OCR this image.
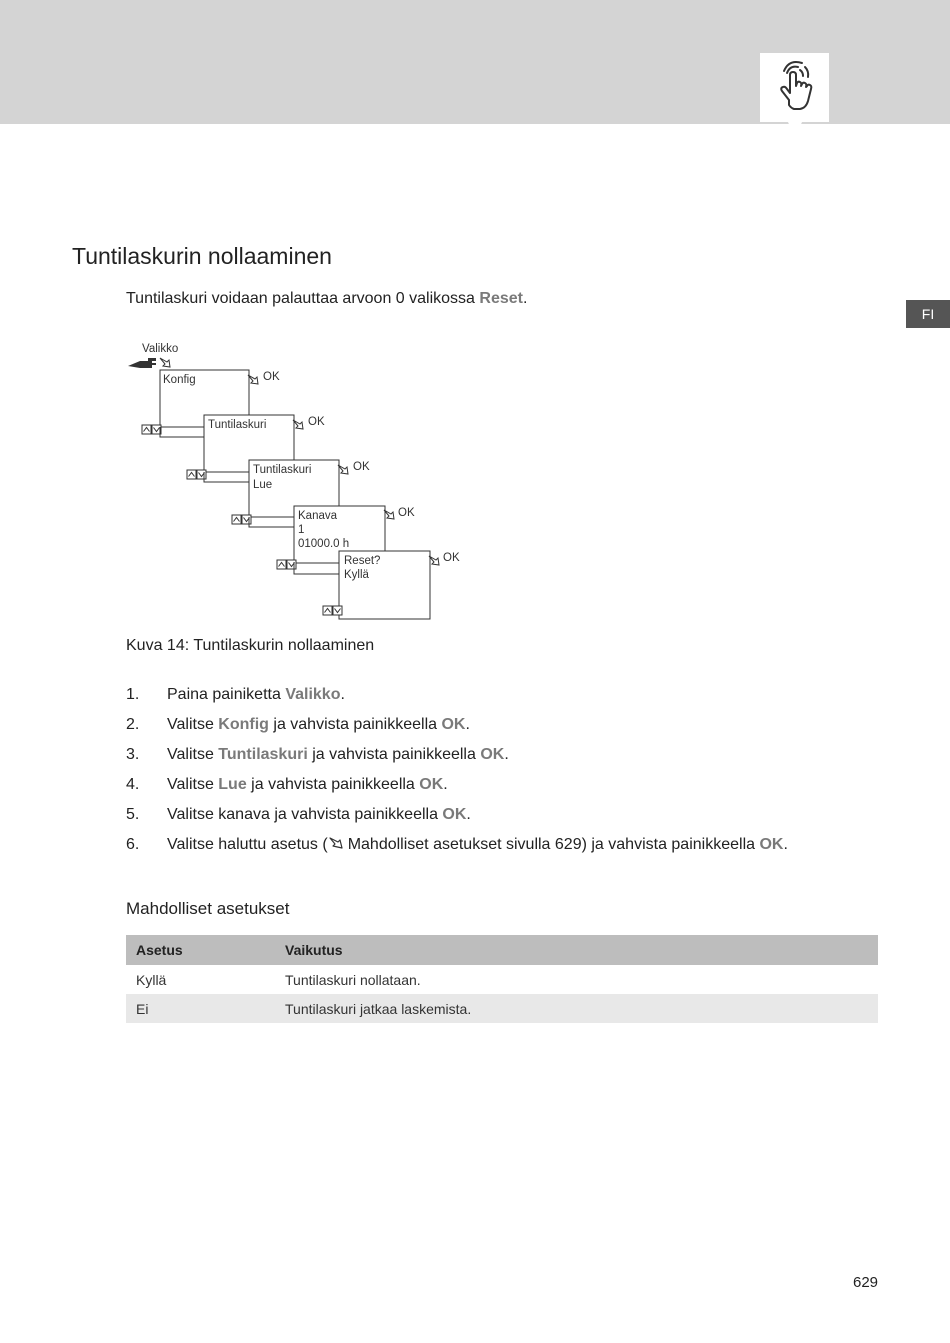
FI
Tuntilaskurin nollaaminen

Tuntilaskuri voidaan palauttaa arvoon 0 valikossa Reset.

Valikko
Konfig	OK
Tuntilaskuri	OK
Tuntilaskuri
Lue
OK
Kanava
1
01000.0 h
OK
Reset?
Kyllä
OK

Kuva 14: Tuntilaskurin nollaaminen

1. Paina painiketta Valikko.
2. Valitse Konfig ja vahvista painikkeella OK.
3. Valitse Tuntilaskuri ja vahvista painikkeella OK.
4. Valitse Lue ja vahvista painikkeella OK.
5. Valitse kanava ja vahvista painikkeella OK.
6. Valitse haluttu asetus ( Mahdolliset asetukset sivulla 629) ja vahvista painikkeella OK.
Mahdolliset asetukset
Asetus	Vaikutus
Kyllä	Tuntilaskuri nollataan.
Ei	Tuntilaskuri jatkaa laskemista.
629
